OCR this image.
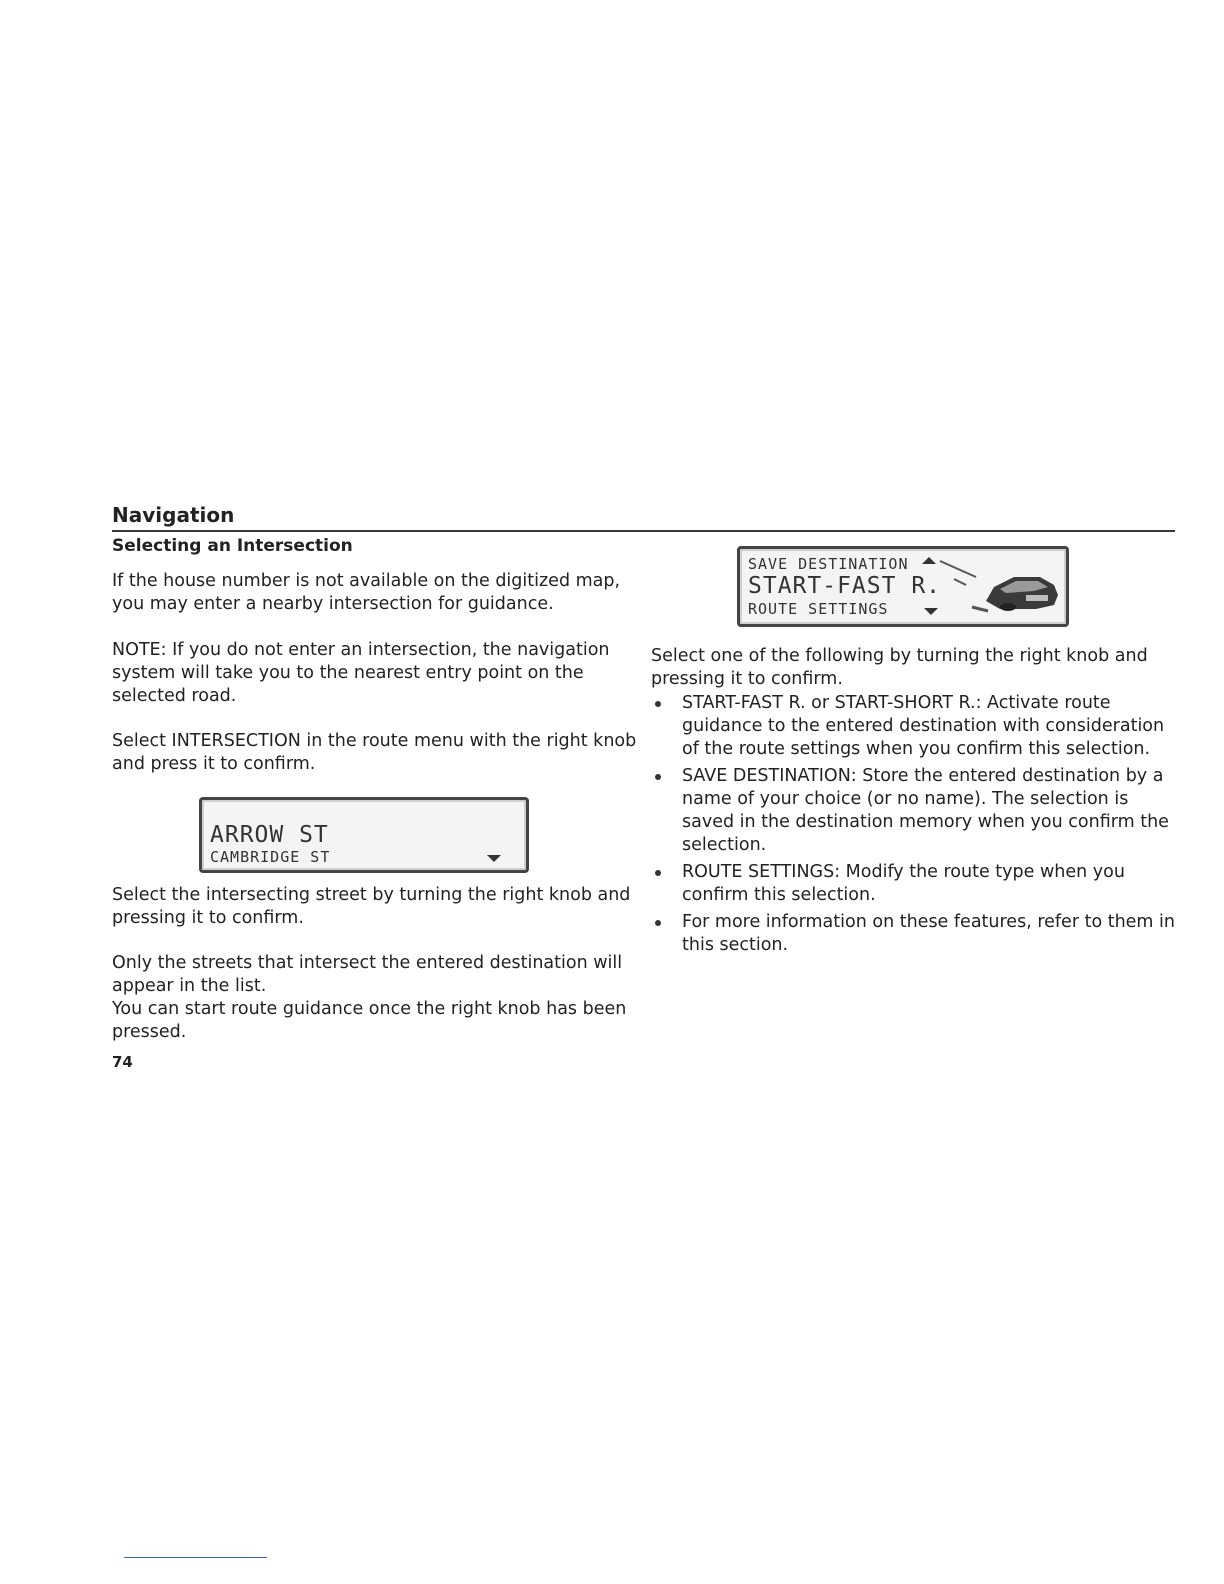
Navigation
Selecting an Intersection

If the house number is not available on the digitized map, you may enter a nearby intersection for guidance.

NOTE: If you do not enter an intersection, the navigation system will take you to the nearest entry point on the selected road.

Select INTERSECTION in the route menu with the right knob and press it to confirm.

ARROW ST
CAMBRIDGE ST

Select the intersecting street by turning the right knob and pressing it to confirm.

Only the streets that intersect the entered destination will appear in the list.

You can start route guidance once the right knob has been pressed.

SAVE DESTINATION
START-FAST R.
ROUTE SETTINGS

Select one of the following by turning the right knob and pressing it to confirm.

START-FAST R. or START-SHORT R.: Activate route guidance to the entered destination with consideration of the route settings when you confirm this selection.
SAVE DESTINATION: Store the entered destination by a name of your choice (or no name). The selection is saved in the destination memory when you confirm the selection.
ROUTE SETTINGS: Modify the route type when you confirm this selection.
For more information on these features, refer to them in this section.
74
